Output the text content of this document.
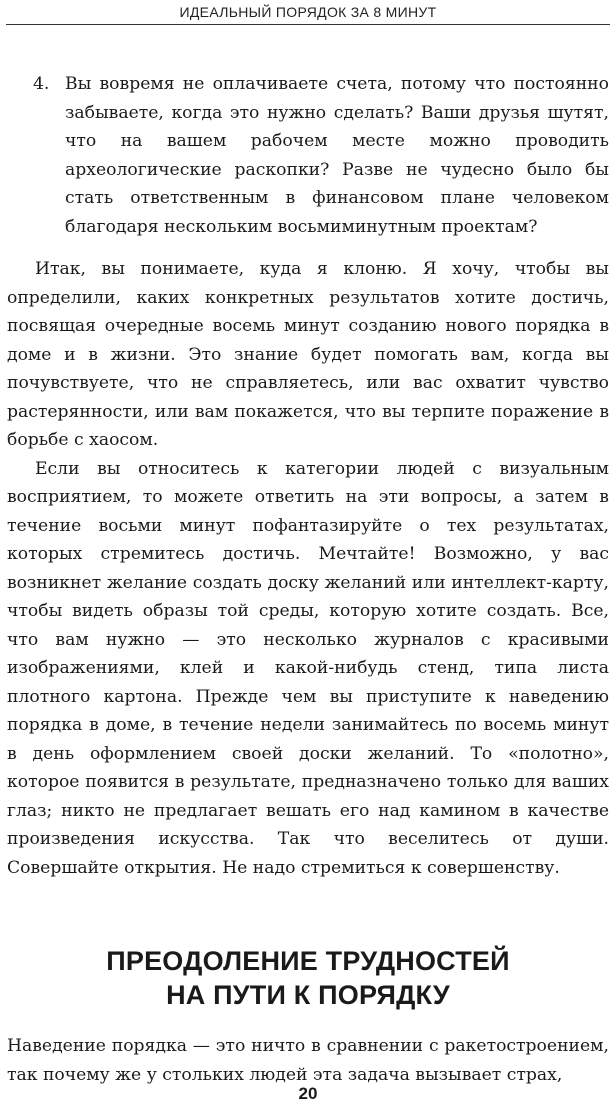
ИДЕАЛЬНЫЙ ПОРЯДОК ЗА 8 МИНУТ
4. Вы вовремя не оплачиваете счета, потому что постоянно забываете, когда это нужно сделать? Ваши друзья шутят, что на вашем рабочем месте можно проводить археологические раскопки? Разве не чудесно было бы стать ответственным в финансовом плане человеком благодаря нескольким восьмиминутным проектам?

Итак, вы понимаете, куда я клоню. Я хочу, чтобы вы определили, каких конкретных результатов хотите достичь, посвящая очередные восемь минут созданию нового порядка в доме и в жизни. Это знание будет помогать вам, когда вы почувствуете, что не справляетесь, или вас охватит чувство растерянности, или вам покажется, что вы терпите поражение в борьбе с хаосом.

Если вы относитесь к категории людей с визуальным восприятием, то можете ответить на эти вопросы, а затем в течение восьми минут пофантазируйте о тех результатах, которых стремитесь достичь. Мечтайте! Возможно, у вас возникнет желание создать доску желаний или интеллект-карту, чтобы видеть образы той среды, которую хотите создать. Все, что вам нужно — это несколько журналов с красивыми изображениями, клей и какой-нибудь стенд, типа листа плотного картона. Прежде чем вы приступите к наведению порядка в доме, в течение недели занимайтесь по восемь минут в день оформлением своей доски желаний. То «полотно», которое появится в результате, предназначено только для ваших глаз; никто не предлагает вешать его над камином в качестве произведения искусства. Так что веселитесь от души. Совершайте открытия. Не надо стремиться к совершенству.

ПРЕОДОЛЕНИЕ ТРУДНОСТЕЙ
НА ПУТИ К ПОРЯДКУ

Наведение порядка — это ничто в сравнении с ракетостроением, так почему же у стольких людей эта задача вызывает страх,

20
